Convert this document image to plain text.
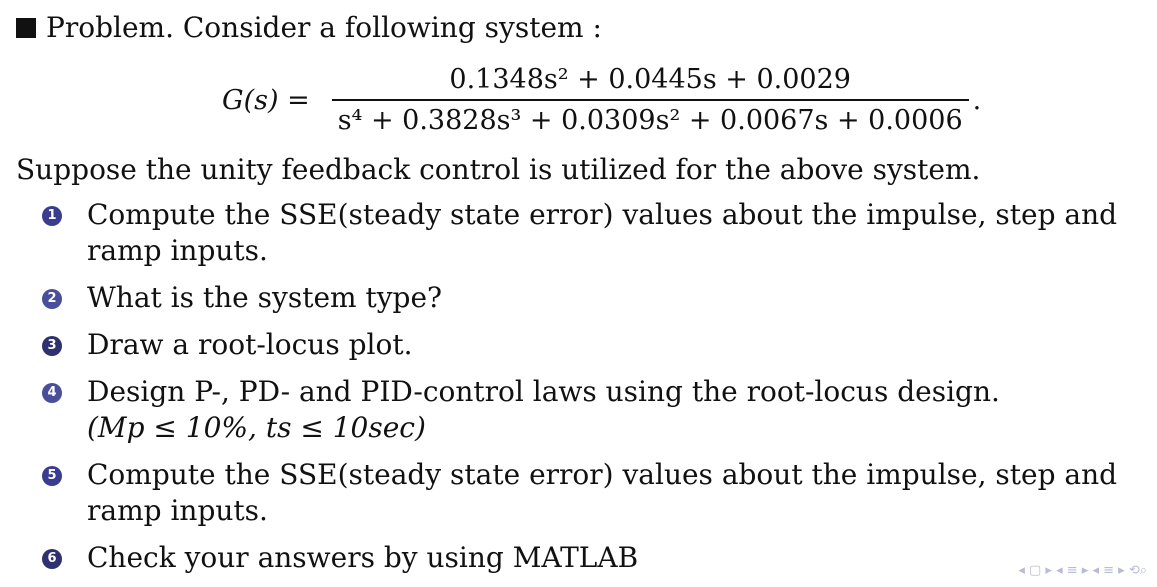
Problem. Consider a following system :
$G(s) = \frac{\text{0.1348s² + 0.0445s + 0.0029}}{\text{s⁴ + 0.3828s³ + 0.0309s² + 0.0067s + 0.0006}}$ .
Suppose the unity feedback control is utilized for the above system.
1 Compute the SSE(steady state error) values about the impulse, step and ramp inputs.
2 What is the system type?
3 Draw a root-locus plot.
4 Design P-, PD- and PID-control laws using the root-locus design.
(Mp ≤ 10%, ts ≤ 10sec)
5 Compute the SSE(steady state error) values about the impulse, step and ramp inputs.
6 Check your answers by using MATLAB	◂ ▢ ▸ ◂ ≡ ▸ ◂ ≡ ▸ ⟲⌕
